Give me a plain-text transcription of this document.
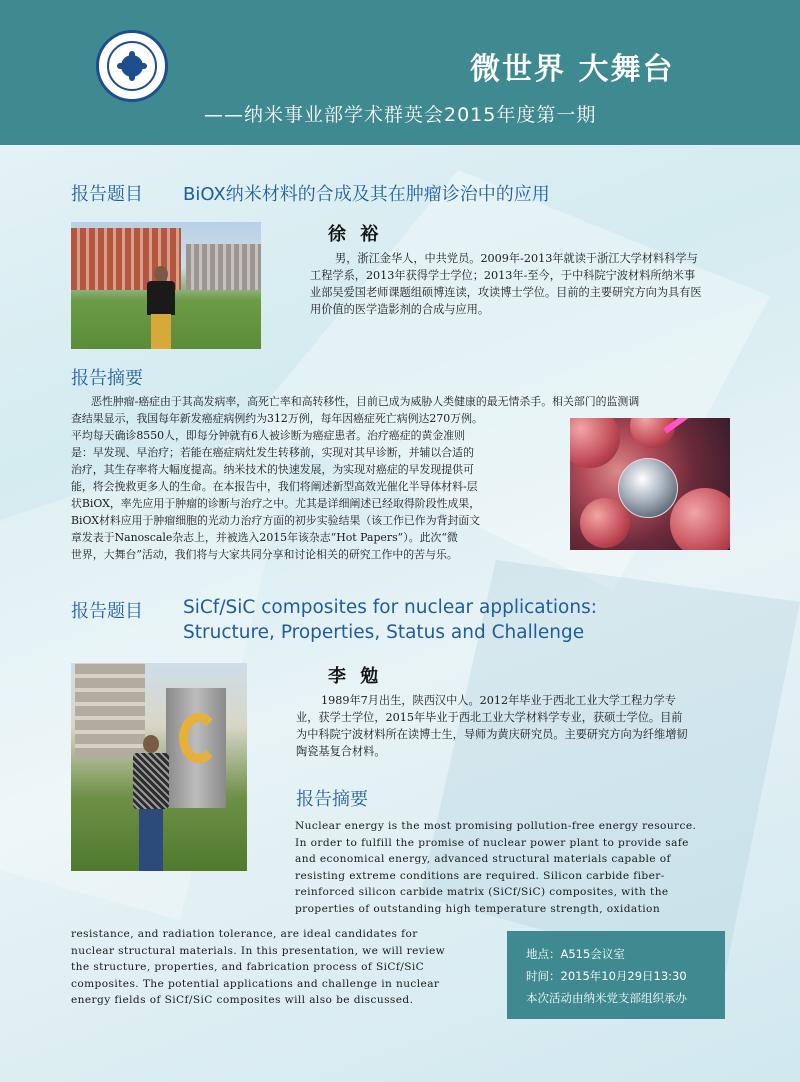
微世界 大舞台
——纳米事业部学术群英会2015年度第一期
报告题目 BiOX纳米材料的合成及其在肿瘤诊治中的应用
徐 裕
男，浙江金华人，中共党员。2009年-2013年就读于浙江大学材料科学与
工程学系，2013年获得学士学位；2013年-至今，于中科院宁波材料所纳米事
业部吴爱国老师课题组硕博连读，攻读博士学位。目前的主要研究方向为具有医
用价值的医学造影剂的合成与应用。
报告摘要
恶性肿瘤-癌症由于其高发病率，高死亡率和高转移性，目前已成为威胁人类健康的最无情杀手。相关部门的监测调
查结果显示，我国每年新发癌症病例约为312万例，每年因癌症死亡病例达270万例。
平均每天确诊8550人，即每分钟就有6人被诊断为癌症患者。治疗癌症的黄金准则
是：早发现、早治疗；若能在癌症病灶发生转移前，实现对其早诊断，并辅以合适的
治疗，其生存率将大幅度提高。纳米技术的快速发展，为实现对癌症的早发现提供可
能，将会挽救更多人的生命。在本报告中，我们将阐述新型高效光催化半导体材料-层
状BiOX，率先应用于肿瘤的诊断与治疗之中。尤其是详细阐述已经取得阶段性成果，
BiOX材料应用于肿瘤细胞的光动力治疗方面的初步实验结果（该工作已作为背封面文
章发表于Nanoscale杂志上，并被选入2015年该杂志“Hot Papers”）。此次“微
世界，大舞台”活动，我们将与大家共同分享和讨论相关的研究工作中的苦与乐。
报告题目 SiCf/SiC composites for nuclear applications:
Structure, Properties, Status and Challenge
李 勉
1989年7月出生，陕西汉中人。2012年毕业于西北工业大学工程力学专
业，获学士学位，2015年毕业于西北工业大学材料学专业，获硕士学位。目前
为中科院宁波材料所在读博士生，导师为黄庆研究员。主要研究方向为纤维增韧
陶瓷基复合材料。
报告摘要
Nuclear energy is the most promising pollution-free energy resource.
In order to fulfill the promise of nuclear power plant to provide safe
and economical energy, advanced structural materials capable of
resisting extreme conditions are required. Silicon carbide fiber-
reinforced silicon carbide matrix (SiCf/SiC) composites, with the
properties of outstanding high temperature strength, oxidation
resistance, and radiation tolerance, are ideal candidates for
nuclear structural materials. In this presentation, we will review
the structure, properties, and fabrication process of SiCf/SiC
composites. The potential applications and challenge in nuclear
energy fields of SiCf/SiC composites will also be discussed.
地点：A515会议室
时间：2015年10月29日13:30
本次活动由纳米党支部组织承办
